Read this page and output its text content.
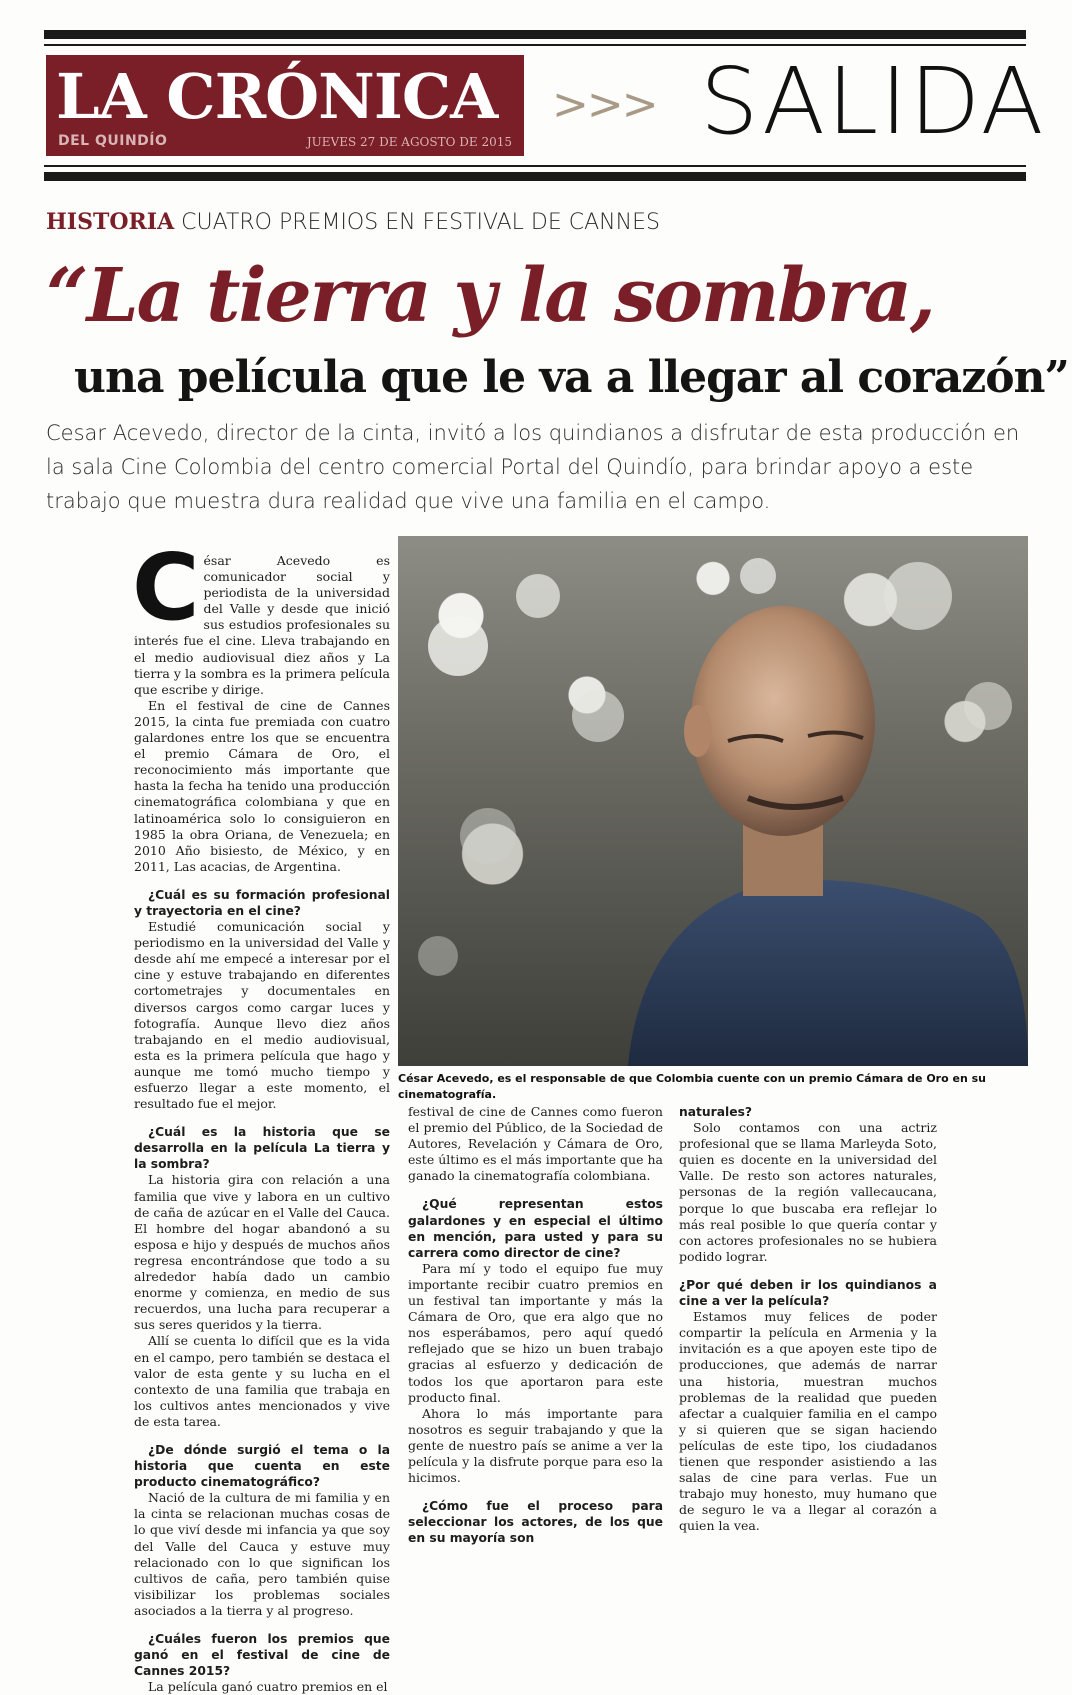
LA CRÓNICA
DEL QUINDÍO	JUEVES 27 DE AGOSTO DE 2015
>>> SALIDA
HISTORIA CUATRO PREMIOS EN FESTIVAL DE CANNES
“La tierra y la sombra,
una película que le va a llegar al corazón”
Cesar Acevedo, director de la cinta, invitó a los quindianos a disfrutar de esta producción en la sala Cine Colombia del centro comercial Portal del Quindío, para brindar apoyo a este trabajo que muestra dura realidad que vive una familia en el campo.
César Acevedo, es el responsable de que Colombia cuente con un premio Cámara de Oro en su cinematografía.

César Acevedo es comunicador social y periodista de la universidad del Valle y desde que inició sus estudios profesionales su interés fue el cine. Lleva trabajando en el medio audiovisual diez años y La tierra y la sombra es la primera película que escribe y dirige.

En el festival de cine de Cannes 2015, la cinta fue premiada con cuatro galardones entre los que se encuentra el premio Cámara de Oro, el reconocimiento más importante que hasta la fecha ha tenido una producción cinematográfica colombiana y que en latinoamérica solo lo consiguieron en 1985 la obra Oriana, de Venezuela; en 2010 Año bisiesto, de México, y en 2011, Las acacias, de Argentina.

¿Cuál es su formación profesional y trayectoria en el cine?

Estudié comunicación social y periodismo en la universidad del Valle y desde ahí me empecé a interesar por el cine y estuve trabajando en diferentes cortometrajes y documentales en diversos cargos como cargar luces y fotografía. Aunque llevo diez años trabajando en el medio audiovisual, esta es la primera película que hago y aunque me tomó mucho tiempo y esfuerzo llegar a este momento, el resultado fue el mejor.

¿Cuál es la historia que se desarrolla en la película La tierra y la sombra?

La historia gira con relación a una familia que vive y labora en un cultivo de caña de azúcar en el Valle del Cauca. El hombre del hogar abandonó a su esposa e hijo y después de muchos años regresa encontrándose que todo a su alrededor había dado un cambio enorme y comienza, en medio de sus recuerdos, una lucha para recuperar a sus seres queridos y la tierra.

Allí se cuenta lo difícil que es la vida en el campo, pero también se destaca el valor de esta gente y su lucha en el contexto de una familia que trabaja en los cultivos antes mencionados y vive de esta tarea.

¿De dónde surgió el tema o la historia que cuenta en este producto cinematográfico?

Nació de la cultura de mi familia y en la cinta se relacionan muchas cosas de lo que viví desde mi infancia ya que soy del Valle del Cauca y estuve muy relacionado con lo que significan los cultivos de caña, pero también quise visibilizar los problemas sociales asociados a la tierra y al progreso.

¿Cuáles fueron los premios que ganó en el festival de cine de Cannes 2015?

La película ganó cuatro premios en el

festival de cine de Cannes como fueron el premio del Público, de la Sociedad de Autores, Revelación y Cámara de Oro, este último es el más importante que ha ganado la cinematografía colombiana.

¿Qué representan estos galardones y en especial el último en mención, para usted y para su carrera como director de cine?

Para mí y todo el equipo fue muy importante recibir cuatro premios en un festival tan importante y más la Cámara de Oro, que era algo que no nos esperábamos, pero aquí quedó reflejado que se hizo un buen trabajo gracias al esfuerzo y dedicación de todos los que aportaron para este producto final.

Ahora lo más importante para nosotros es seguir trabajando y que la gente de nuestro país se anime a ver la película y la disfrute porque para eso la hicimos.

¿Cómo fue el proceso para seleccionar los actores, de los que en su mayoría son

naturales?

Solo contamos con una actriz profesional que se llama Marleyda Soto, quien es docente en la universidad del Valle. De resto son actores naturales, personas de la región vallecaucana, porque lo que buscaba era reflejar lo más real posible lo que quería contar y con actores profesionales no se hubiera podido lograr.

¿Por qué deben ir los quindianos a cine a ver la película?

Estamos muy felices de poder compartir la película en Armenia y la invitación es a que apoyen este tipo de producciones, que además de narrar una historia, muestran muchos problemas de la realidad que pueden afectar a cualquier familia en el campo y si quieren que se sigan haciendo películas de este tipo, los ciudadanos tienen que responder asistiendo a las salas de cine para verlas. Fue un trabajo muy honesto, muy humano que de seguro le va a llegar al corazón a quien la vea.
